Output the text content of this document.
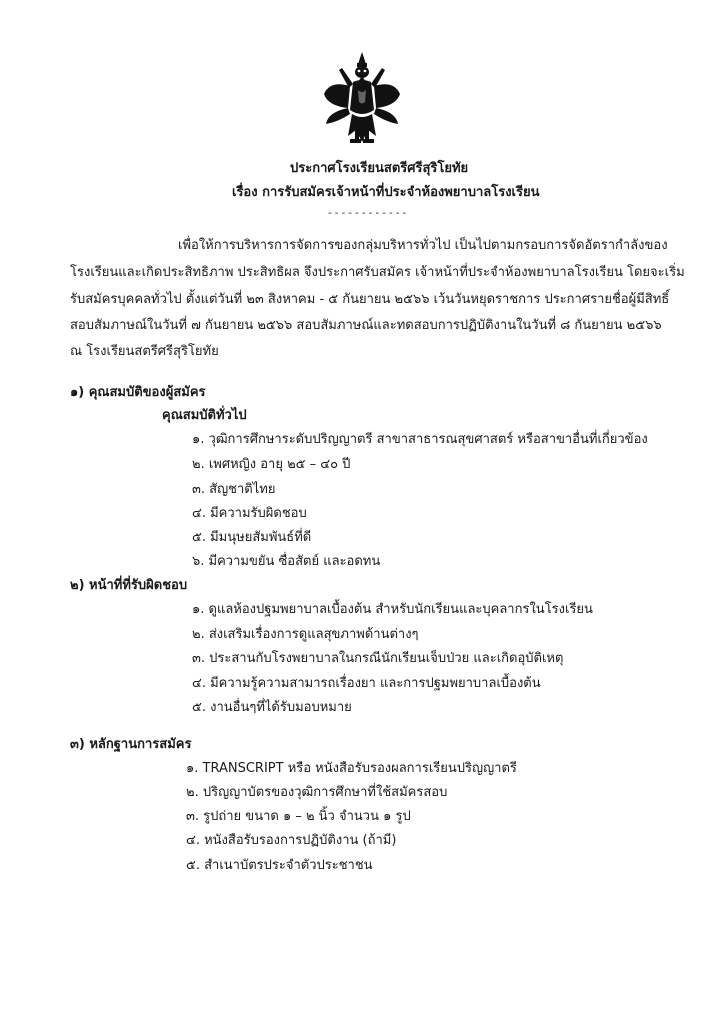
ประกาศโรงเรียนสตรีศรีสุริโยทัย
เรื่อง การรับสมัครเจ้าหน้าที่ประจำห้องพยาบาลโรงเรียน
- - - - - - - - - - - -
เพื่อให้การบริหารการจัดการของกลุ่มบริหารทั่วไป เป็นไปตามกรอบการจัดอัตรากำลังของ
โรงเรียนและเกิดประสิทธิภาพ ประสิทธิผล จึงประกาศรับสมัคร เจ้าหน้าที่ประจำห้องพยาบาลโรงเรียน โดยจะเริ่ม
รับสมัครบุคคลทั่วไป ตั้งแต่วันที่ ๒๓ สิงหาคม - ๕ กันยายน ๒๕๖๖ เว้นวันหยุดราชการ ประกาศรายชื่อผู้มีสิทธิ์
สอบสัมภาษณ์ในวันที่ ๗ กันยายน ๒๕๖๖ สอบสัมภาษณ์และทดสอบการปฏิบัติงานในวันที่ ๘ กันยายน ๒๕๖๖
ณ โรงเรียนสตรีศรีสุริโยทัย
๑) คุณสมบัติของผู้สมัคร
คุณสมบัติทั่วไป
๑. วุฒิการศึกษาระดับปริญญาตรี สาขาสาธารณสุขศาสตร์ หรือสาขาอื่นที่เกี่ยวข้อง
๒. เพศหญิง อายุ ๒๕ – ๔๐ ปี
๓. สัญชาติไทย
๔. มีความรับผิดชอบ
๕. มีมนุษยสัมพันธ์ที่ดี
๖. มีความขยัน ซื่อสัตย์ และอดทน
๒) หน้าที่ที่รับผิดชอบ
๑. ดูแลห้องปฐมพยาบาลเบื้องต้น สำหรับนักเรียนและบุคลากรในโรงเรียน
๒. ส่งเสริมเรื่องการดูแลสุขภาพด้านต่างๆ
๓. ประสานกับโรงพยาบาลในกรณีนักเรียนเจ็บป่วย และเกิดอุบัติเหตุ
๔. มีความรู้ความสามารถเรื่องยา และการปฐมพยาบาลเบื้องต้น
๕. งานอื่นๆที่ได้รับมอบหมาย
๓) หลักฐานการสมัคร
๑. TRANSCRIPT หรือ หนังสือรับรองผลการเรียนปริญญาตรี
๒. ปริญญาบัตรของวุฒิการศึกษาที่ใช้สมัครสอบ
๓. รูปถ่าย ขนาด ๑ – ๒ นิ้ว จำนวน ๑ รูป
๔. หนังสือรับรองการปฏิบัติงาน (ถ้ามี)
๕. สำเนาบัตรประจำตัวประชาชน
